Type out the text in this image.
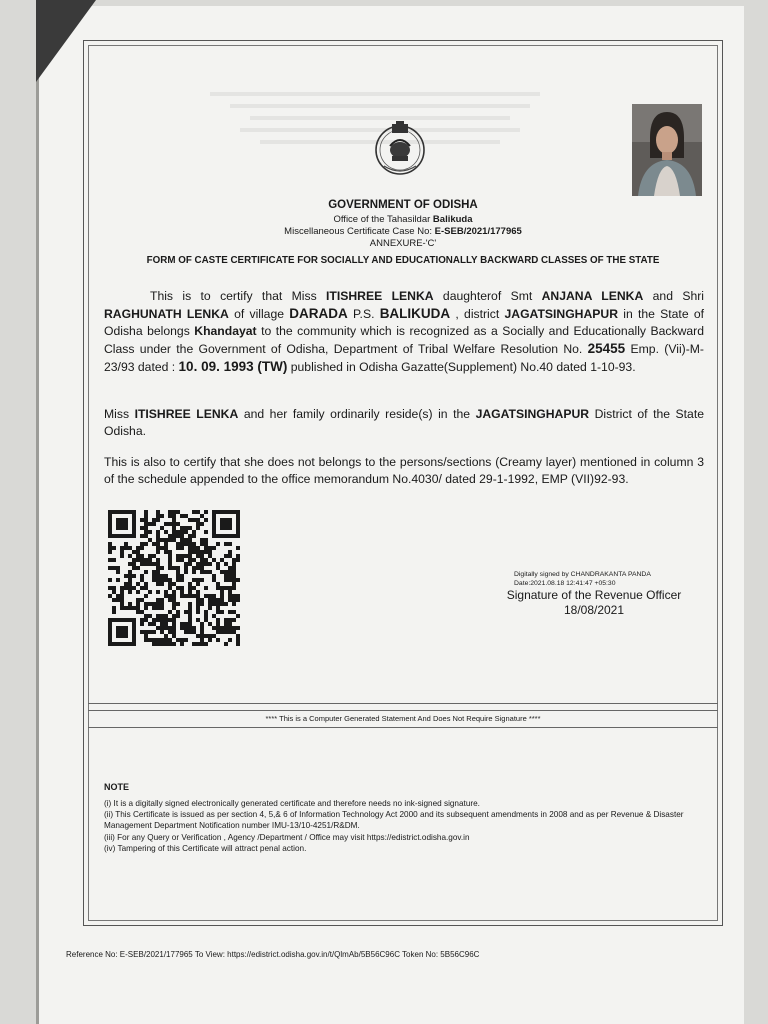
GOVERNMENT OF ODISHA
Office of the Tahasildar Balikuda
Miscellaneous Certificate Case No: E-SEB/2021/177965
ANNEXURE-'C'
FORM OF CASTE CERTIFICATE FOR SOCIALLY AND EDUCATIONALLY BACKWARD CLASSES OF THE STATE
This is to certify that Miss ITISHREE LENKA daughterof Smt ANJANA LENKA and Shri RAGHUNATH LENKA of village DARADA P.S. BALIKUDA , district JAGATSINGHAPUR in the State of Odisha belongs Khandayat to the community which is recognized as a Socially and Educationally Backward Class under the Government of Odisha, Department of Tribal Welfare Resolution No. 25455 Emp. (Vii)-M-23/93 dated : 10. 09. 1993 (TW) published in Odisha Gazatte(Supplement) No.40 dated 1-10-93.
Miss ITISHREE LENKA and her family ordinarily reside(s) in the JAGATSINGHAPUR District of the State Odisha.
This is also to certify that she does not belongs to the persons/sections (Creamy layer) mentioned in column 3 of the schedule appended to the office memorandum No.4030/ dated 29-1-1992, EMP (VII)92-93.
Digitally signed by CHANDRAKANTA PANDA
Date:2021.08.18 12:41:47 +05:30
Signature of the Revenue Officer
18/08/2021
**** This is a Computer Generated Statement And Does Not Require Signature ****
NOTE
(i) It is a digitally signed electronically generated certificate and therefore needs no ink-signed signature.
(ii) This Certificate is issued as per section 4, 5,& 6 of Information Technology Act 2000 and its subsequent amendments in 2008 and as per Revenue & Disaster Management Department Notification number IMU-13/10-4251/R&DM.
(iii) For any Query or Verification , Agency /Department / Office may visit https://edistrict.odisha.gov.in
(iv) Tampering of this Certificate will attract penal action.
Reference No: E-SEB/2021/177965 To View: https://edistrict.odisha.gov.in/t/QlmAb/5B56C96C Token No: 5B56C96C
